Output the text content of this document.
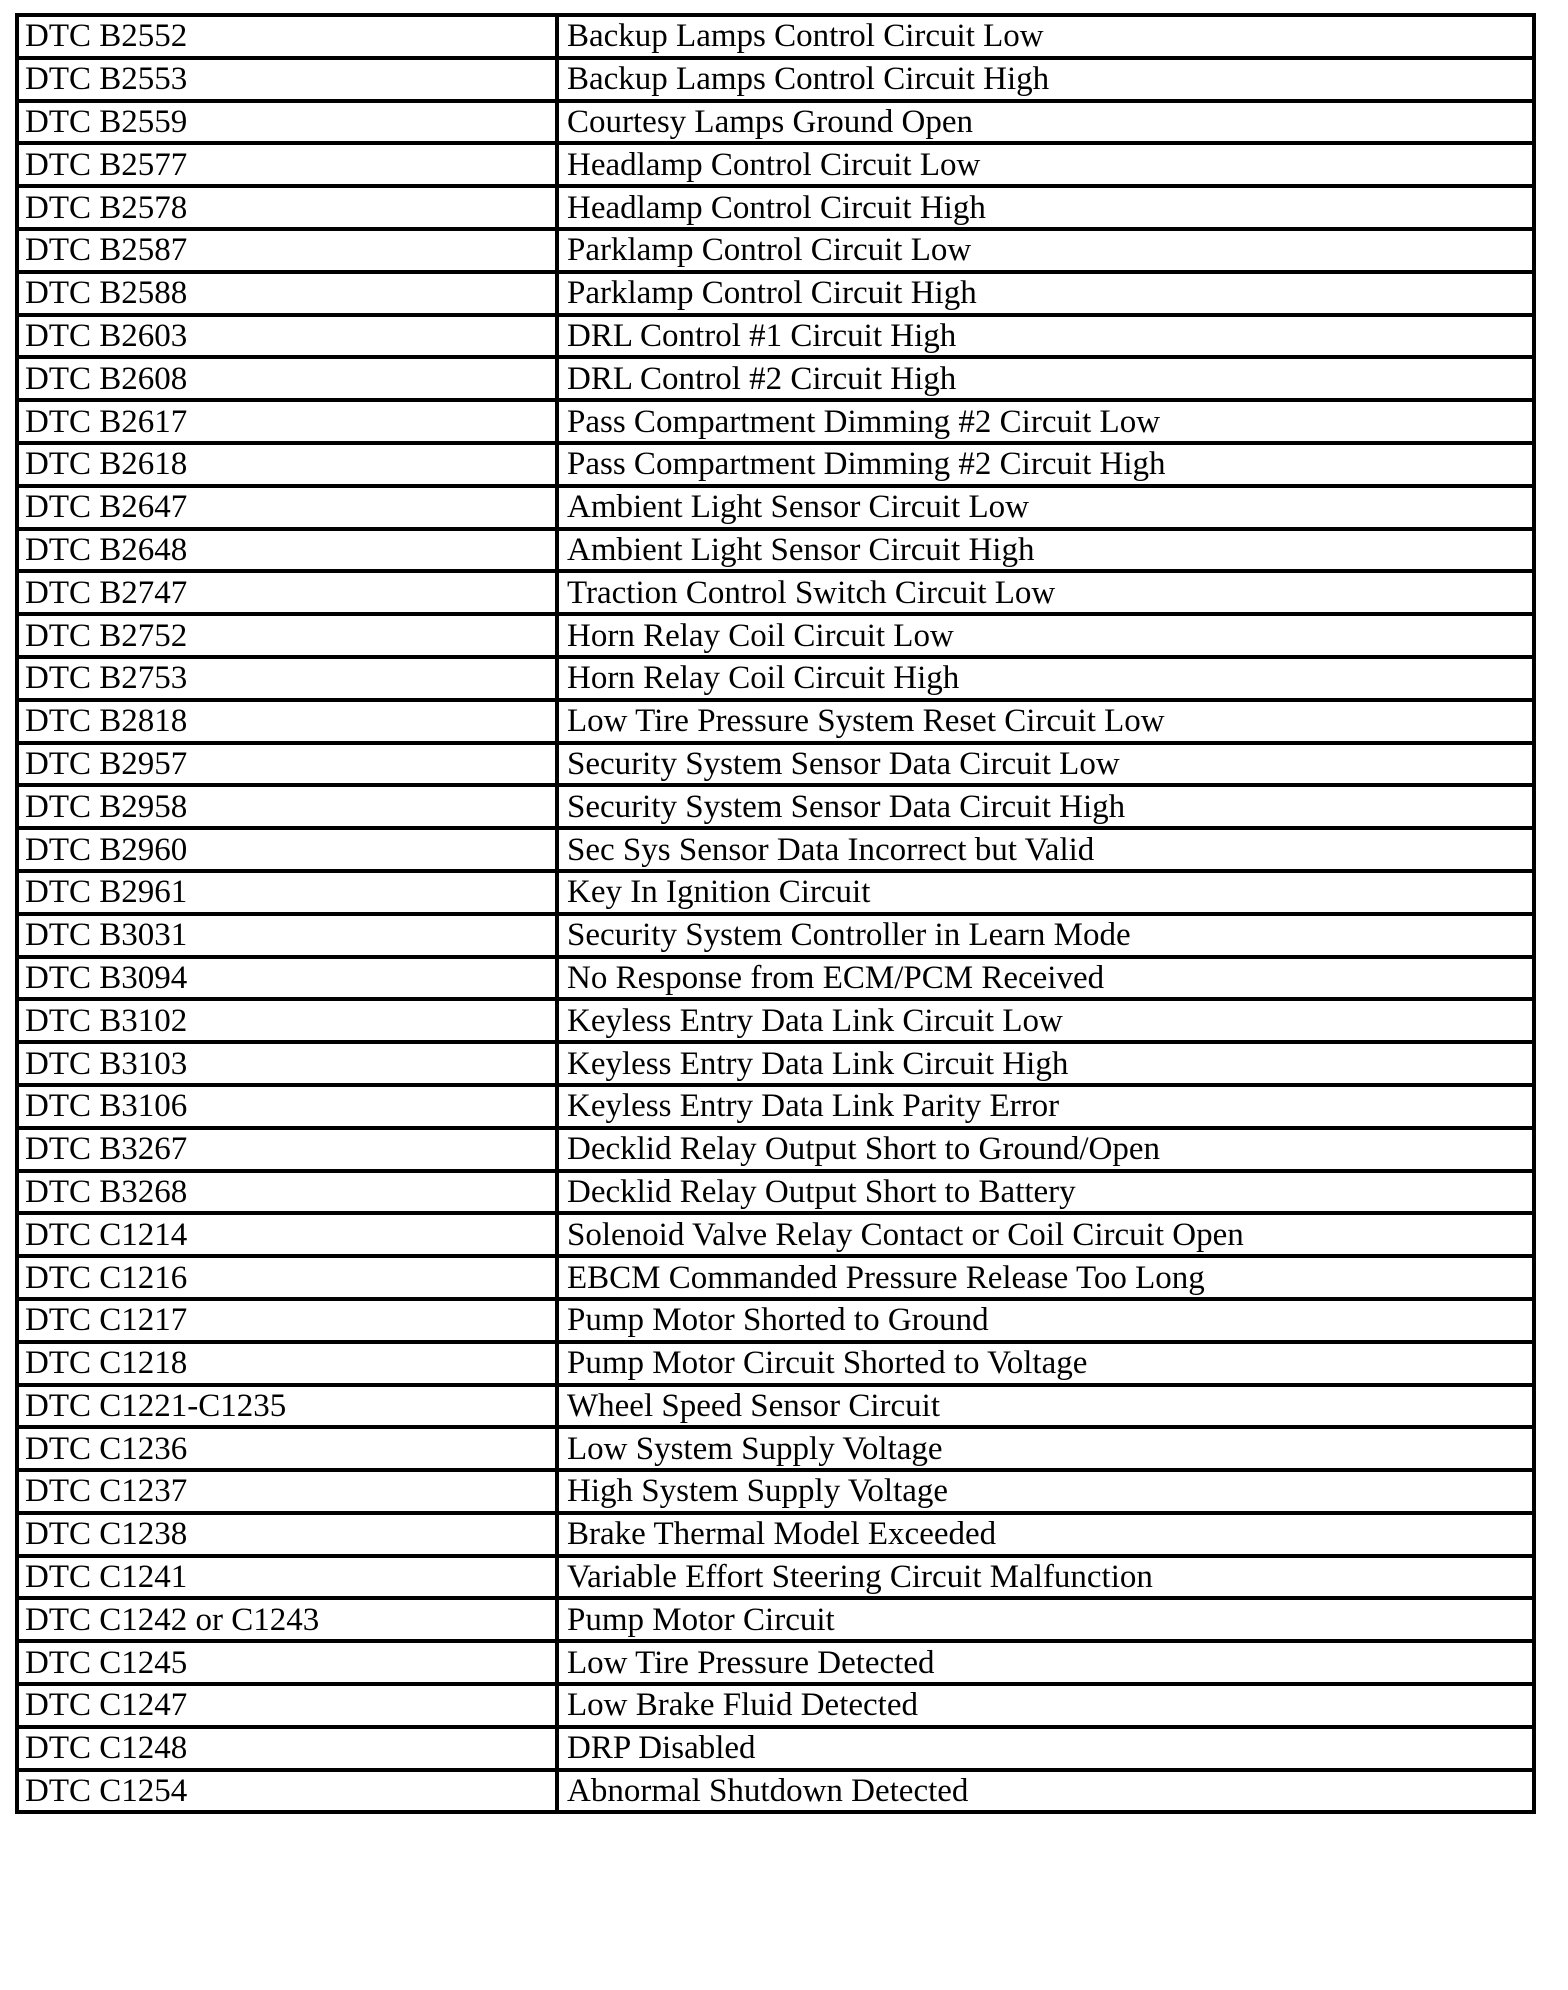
DTC B2552	Backup Lamps Control Circuit Low
DTC B2553	Backup Lamps Control Circuit High
DTC B2559	Courtesy Lamps Ground Open
DTC B2577	Headlamp Control Circuit Low
DTC B2578	Headlamp Control Circuit High
DTC B2587	Parklamp Control Circuit Low
DTC B2588	Parklamp Control Circuit High
DTC B2603	DRL Control #1 Circuit High
DTC B2608	DRL Control #2 Circuit High
DTC B2617	Pass Compartment Dimming #2 Circuit Low
DTC B2618	Pass Compartment Dimming #2 Circuit High
DTC B2647	Ambient Light Sensor Circuit Low
DTC B2648	Ambient Light Sensor Circuit High
DTC B2747	Traction Control Switch Circuit Low
DTC B2752	Horn Relay Coil Circuit Low
DTC B2753	Horn Relay Coil Circuit High
DTC B2818	Low Tire Pressure System Reset Circuit Low
DTC B2957	Security System Sensor Data Circuit Low
DTC B2958	Security System Sensor Data Circuit High
DTC B2960	Sec Sys Sensor Data Incorrect but Valid
DTC B2961	Key In Ignition Circuit
DTC B3031	Security System Controller in Learn Mode
DTC B3094	No Response from ECM/PCM Received
DTC B3102	Keyless Entry Data Link Circuit Low
DTC B3103	Keyless Entry Data Link Circuit High
DTC B3106	Keyless Entry Data Link Parity Error
DTC B3267	Decklid Relay Output Short to Ground/Open
DTC B3268	Decklid Relay Output Short to Battery
DTC C1214	Solenoid Valve Relay Contact or Coil Circuit Open
DTC C1216	EBCM Commanded Pressure Release Too Long
DTC C1217	Pump Motor Shorted to Ground
DTC C1218	Pump Motor Circuit Shorted to Voltage
DTC C1221-C1235	Wheel Speed Sensor Circuit
DTC C1236	Low System Supply Voltage
DTC C1237	High System Supply Voltage
DTC C1238	Brake Thermal Model Exceeded
DTC C1241	Variable Effort Steering Circuit Malfunction
DTC C1242 or C1243	Pump Motor Circuit
DTC C1245	Low Tire Pressure Detected
DTC C1247	Low Brake Fluid Detected
DTC C1248	DRP Disabled
DTC C1254	Abnormal Shutdown Detected
